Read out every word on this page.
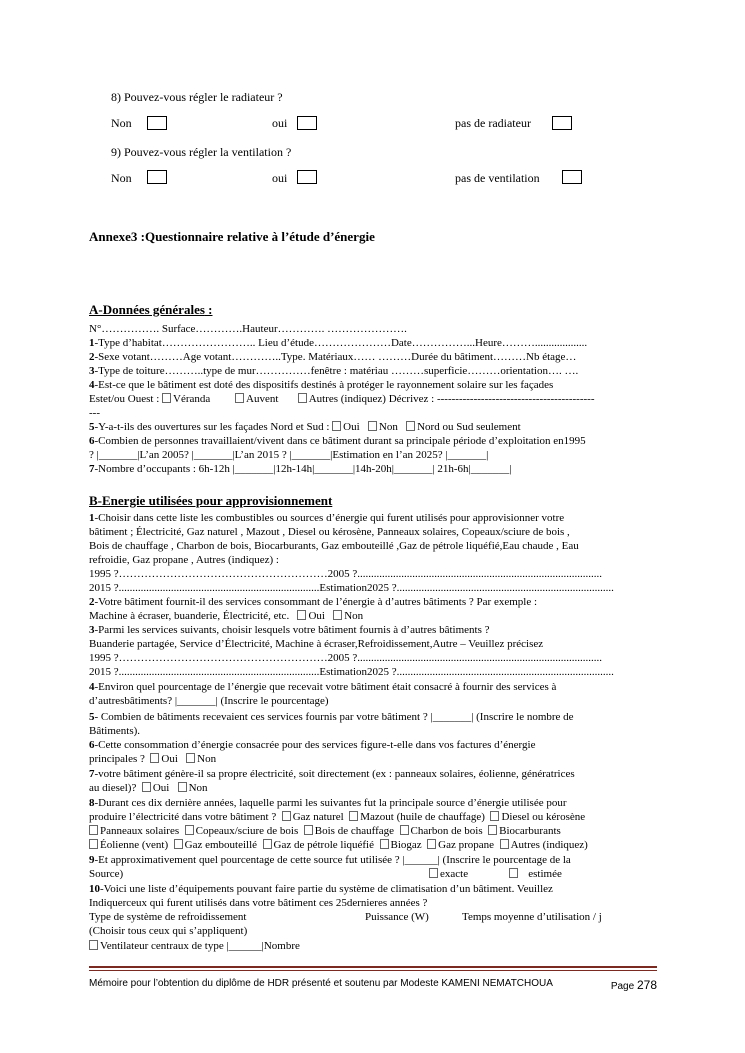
8) Pouvez-vous régler le radiateur ?
Non	oui	pas de radiateur
9) Pouvez-vous régler la ventilation ?
Non	oui	pas de ventilation
Annexe3 :Questionnaire relative à l’étude d’énergie
A-Données générales :
N°……………. Surface………….Hauteur…………. ………………….
1-Type d’habitat…………………….. Lieu d’étude…………………Date……………...Heure………...................
2-Sexe votant………Age votant…………..Type. Matériaux…… ………Durée du bâtiment………Nb étage…
3-Type de toiture………..type de mur……………fenêtre : matériau ………superficie………orientation…. ….
4-Est-ce que le bâtiment est doté des dispositifs destinés à protéger le rayonnement solaire sur les façades
Estet/ou Ouest : Véranda	Auvent	Autres (indiquez) Décrivez : -------------------------------------------
---
5-Y-a-t-ils des ouvertures sur les façades Nord et Sud : Oui Non Nord ou Sud seulement
6-Combien de personnes travaillaient/vivent dans ce bâtiment durant sa principale période d’exploitation en1995
? |_______|L’an 2005? |_______|L’an 2015 ? |_______|Estimation en l’an 2025? |_______|
7-Nombre d’occupants : 6h-12h |_______|12h-14h|_______|14h-20h|_______| 21h-6h|_______|
B-Energie utilisées pour approvisionnement
1-Choisir dans cette liste les combustibles ou sources d’énergie qui furent utilisés pour approvisionner votre
bâtiment ; Électricité, Gaz naturel , Mazout , Diesel ou kérosène, Panneaux solaires, Copeaux/sciure de bois ,
Bois de chauffage , Charbon de bois, Biocarburants, Gaz embouteillé ,Gaz de pétrole liquéfié,Eau chaude , Eau
refroidie, Gaz propane , Autres (indiquez) :
1995 ?…………………………………………………2005 ?.........................................................................................
2015 ?.........................................................................Estimation2025 ?...............................................................................
2-Votre bâtiment fournit-il des services consommant de l’énergie à d’autres bâtiments ? Par exemple :
Machine à écraser, buanderie, Électricité, etc. Oui Non
3-Parmi les services suivants, choisir lesquels votre bâtiment fournis à d’autres bâtiments ?
Buanderie partagée, Service d’Électricité, Machine à écraser,Refroidissement,Autre – Veuillez précisez
1995 ?…………………………………………………2005 ?.........................................................................................
2015 ?.........................................................................Estimation2025 ?...............................................................................
4-Environ quel pourcentage de l’énergie que recevait votre bâtiment était consacré à fournir des services à
d’autresbâtiments? |_______| (Inscrire le pourcentage)
5- Combien de bâtiments recevaient ces services fournis par votre bâtiment ? |_______| (Inscrire le nombre de
Bâtiments).
6-Cette consommation d’énergie consacrée pour des services figure-t-elle dans vos factures d’énergie
principales ? Oui Non
7-votre bâtiment génère-il sa propre électricité, soit directement (ex : panneaux solaires, éolienne, génératrices
au diesel)? Oui Non
8-Durant ces dix dernière années, laquelle parmi les suivantes fut la principale source d’énergie utilisée pour
produire l’électricité dans votre bâtiment ? Gaz naturel Mazout (huile de chauffage) Diesel ou kérosène
Panneaux solaires Copeaux/sciure de bois Bois de chauffage Charbon de bois Biocarburants
Éolienne (vent) Gaz embouteillé Gaz de pétrole liquéfié Biogaz Gaz propane Autres (indiquez)
9-Et approximativement quel pourcentage de cette source fut utilisée ? |______| (Inscrire le pourcentage de la
Source)	exacte	estimée
10-Voici une liste d’équipements pouvant faire partie du système de climatisation d’un bâtiment. Veuillez
Indiquerceux qui furent utilisés dans votre bâtiment ces 25dernieres années ?
Type de système de refroidissement	Puissance (W)	Temps moyenne d’utilisation / j
(Choisir tous ceux qui s’appliquent)
Ventilateur centraux de type |______|Nombre
Mémoire pour l’obtention du diplôme de HDR présenté et soutenu par Modeste KAMENI NEMATCHOUA	Page 278
